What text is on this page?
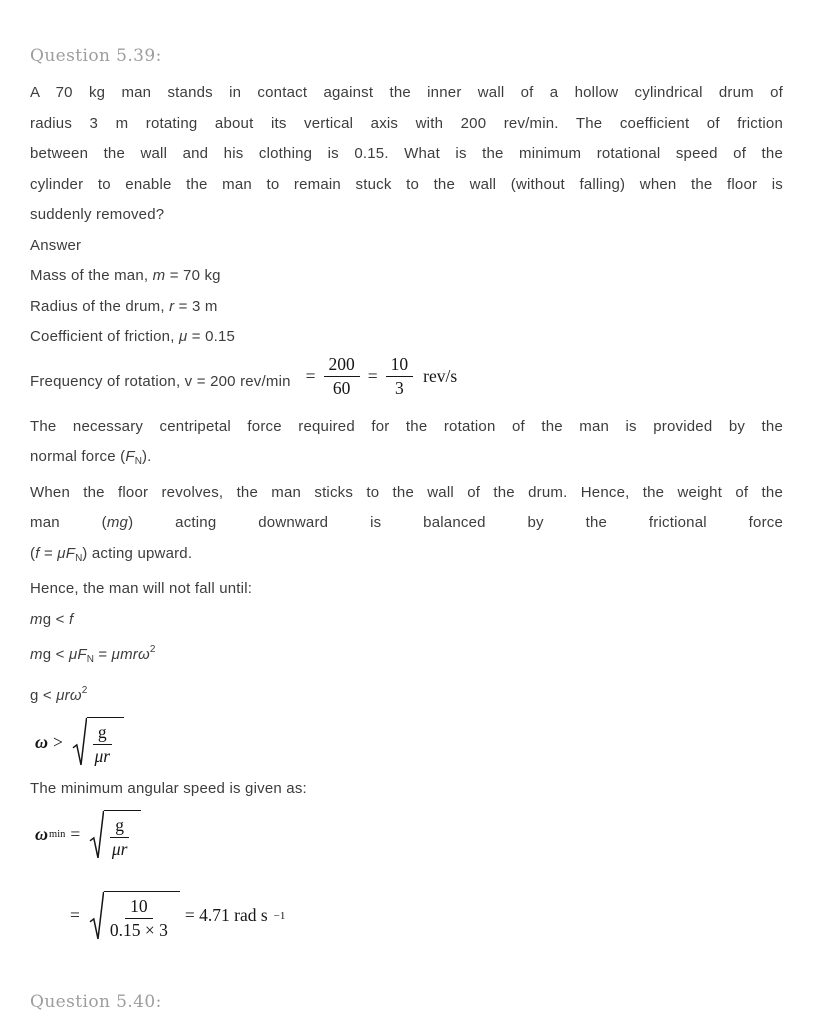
Question 5.39:
A 70 kg man stands in contact against the inner wall of a hollow cylindrical drum of
radius 3 m rotating about its vertical axis with 200 rev/min. The coefficient of friction
between the wall and his clothing is 0.15. What is the minimum rotational speed of the
cylinder to enable the man to remain stuck to the wall (without falling) when the floor is
suddenly removed?
Answer
Mass of the man, m = 70 kg
Radius of the drum, r = 3 m
Coefficient of friction, μ = 0.15
Frequency of rotation, v = 200 $rev/\min = \frac{200}{60} = \frac{10}{3} rev/s$
The necessary centripetal force required for the rotation of the man is provided by the
normal force $(F_N)$.
When the floor revolves, the man sticks to the wall of the drum. Hence, the weight of the
man (mg) acting downward is balanced by the frictional force
$(f = \mu F_N)$ acting upward.
Hence, the man will not fall until:
mg < f
mg < $\mu F_N = \mu mr\omega^2$
g < μrω$^2$
$\omega > \frac{g}{\mu r}$
The minimum angular speed is given as:
ω $\min = \frac{g}{\mu r}$
= $\frac{10}{0.15 \times 3} = 4.71$ rad s −1
Question 5.40:
